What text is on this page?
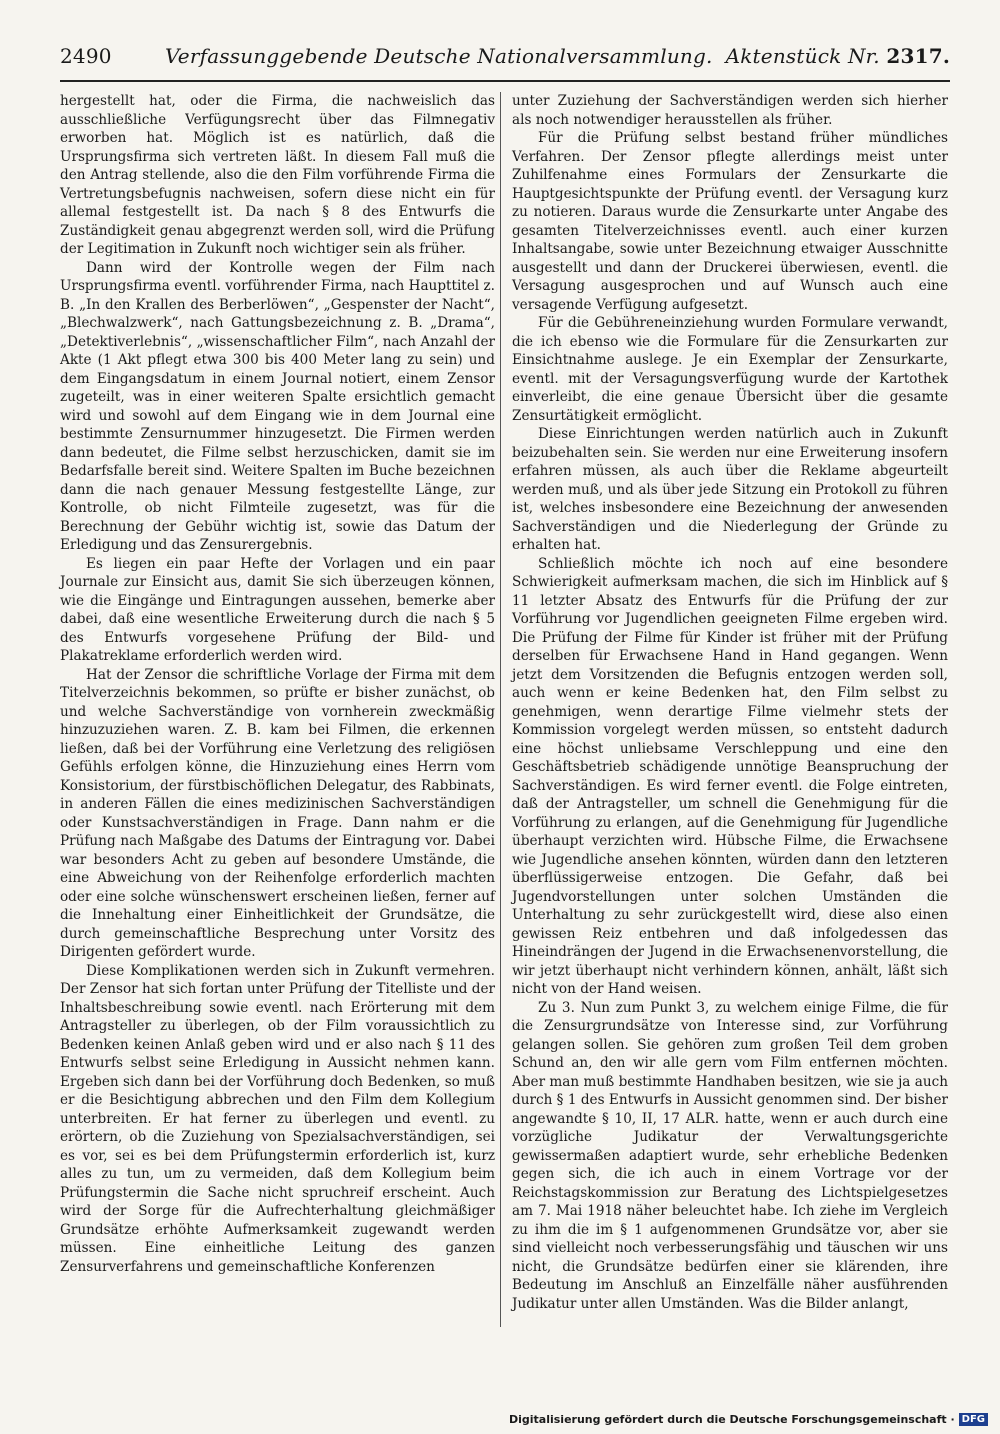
2490	Verfassunggebende Deutsche Nationalversammlung. Aktenstück Nr. 2317.

hergestellt hat, oder die Firma, die nachweislich das ausschließliche Verfügungsrecht über das Filmnegativ erworben hat. Möglich ist es natürlich, daß die Ursprungsfirma sich vertreten läßt. In diesem Fall muß die den Antrag stellende, also die den Film vorführende Firma die Vertretungsbefugnis nachweisen, sofern diese nicht ein für allemal festgestellt ist. Da nach § 8 des Entwurfs die Zuständigkeit genau abgegrenzt werden soll, wird die Prüfung der Legitimation in Zukunft noch wichtiger sein als früher.

Dann wird der Kontrolle wegen der Film nach Ursprungsfirma eventl. vorführender Firma, nach Haupttitel z. B. „In den Krallen des Berberlöwen“, „Gespenster der Nacht“, „Blechwalzwerk“, nach Gattungsbezeichnung z. B. „Drama“, „Detektiverlebnis“, „wissenschaftlicher Film“, nach Anzahl der Akte (1 Akt pflegt etwa 300 bis 400 Meter lang zu sein) und dem Eingangsdatum in einem Journal notiert, einem Zensor zugeteilt, was in einer weiteren Spalte ersichtlich gemacht wird und sowohl auf dem Eingang wie in dem Journal eine bestimmte Zensurnummer hinzugesetzt. Die Firmen werden dann bedeutet, die Filme selbst herzuschicken, damit sie im Bedarfsfalle bereit sind. Weitere Spalten im Buche bezeichnen dann die nach genauer Messung festgestellte Länge, zur Kontrolle, ob nicht Filmteile zugesetzt, was für die Berechnung der Gebühr wichtig ist, sowie das Datum der Erledigung und das Zensurergebnis.

Es liegen ein paar Hefte der Vorlagen und ein paar Journale zur Einsicht aus, damit Sie sich überzeugen können, wie die Eingänge und Eintragungen aussehen, bemerke aber dabei, daß eine wesentliche Erweiterung durch die nach § 5 des Entwurfs vorgesehene Prüfung der Bild- und Plakatreklame erforderlich werden wird.

Hat der Zensor die schriftliche Vorlage der Firma mit dem Titelverzeichnis bekommen, so prüfte er bisher zunächst, ob und welche Sachverständige von vornherein zweckmäßig hinzuzuziehen waren. Z. B. kam bei Filmen, die erkennen ließen, daß bei der Vorführung eine Verletzung des religiösen Gefühls erfolgen könne, die Hinzuziehung eines Herrn vom Konsistorium, der fürstbischöflichen Delegatur, des Rabbinats, in anderen Fällen die eines medizinischen Sachverständigen oder Kunstsachverständigen in Frage. Dann nahm er die Prüfung nach Maßgabe des Datums der Eintragung vor. Dabei war besonders Acht zu geben auf besondere Umstände, die eine Abweichung von der Reihenfolge erforderlich machten oder eine solche wünschenswert erscheinen ließen, ferner auf die Innehaltung einer Einheitlichkeit der Grundsätze, die durch gemeinschaftliche Besprechung unter Vorsitz des Dirigenten gefördert wurde.

Diese Komplikationen werden sich in Zukunft vermehren. Der Zensor hat sich fortan unter Prüfung der Titelliste und der Inhaltsbeschreibung sowie eventl. nach Erörterung mit dem Antragsteller zu überlegen, ob der Film voraussichtlich zu Bedenken keinen Anlaß geben wird und er also nach § 11 des Entwurfs selbst seine Erledigung in Aussicht nehmen kann. Ergeben sich dann bei der Vorführung doch Bedenken, so muß er die Besichtigung abbrechen und den Film dem Kollegium unterbreiten. Er hat ferner zu überlegen und eventl. zu erörtern, ob die Zuziehung von Spezialsachverständigen, sei es vor, sei es bei dem Prüfungstermin erforderlich ist, kurz alles zu tun, um zu vermeiden, daß dem Kollegium beim Prüfungstermin die Sache nicht spruchreif erscheint. Auch wird der Sorge für die Aufrechterhaltung gleichmäßiger Grundsätze erhöhte Aufmerksamkeit zugewandt werden müssen. Eine einheitliche Leitung des ganzen Zensurverfahrens und gemeinschaftliche Konferenzen

unter Zuziehung der Sachverständigen werden sich hierher als noch notwendiger herausstellen als früher.

Für die Prüfung selbst bestand früher mündliches Verfahren. Der Zensor pflegte allerdings meist unter Zuhilfenahme eines Formulars der Zensurkarte die Hauptgesichtspunkte der Prüfung eventl. der Versagung kurz zu notieren. Daraus wurde die Zensurkarte unter Angabe des gesamten Titelverzeichnisses eventl. auch einer kurzen Inhaltsangabe, sowie unter Bezeichnung etwaiger Ausschnitte ausgestellt und dann der Druckerei überwiesen, eventl. die Versagung ausgesprochen und auf Wunsch auch eine versagende Verfügung aufgesetzt.

Für die Gebühreneinziehung wurden Formulare verwandt, die ich ebenso wie die Formulare für die Zensurkarten zur Einsichtnahme auslege. Je ein Exemplar der Zensurkarte, eventl. mit der Versagungsverfügung wurde der Kartothek einverleibt, die eine genaue Übersicht über die gesamte Zensurtätigkeit ermöglicht.

Diese Einrichtungen werden natürlich auch in Zukunft beizubehalten sein. Sie werden nur eine Erweiterung insofern erfahren müssen, als auch über die Reklame abgeurteilt werden muß, und als über jede Sitzung ein Protokoll zu führen ist, welches insbesondere eine Bezeichnung der anwesenden Sachverständigen und die Niederlegung der Gründe zu erhalten hat.

Schließlich möchte ich noch auf eine besondere Schwierigkeit aufmerksam machen, die sich im Hinblick auf § 11 letzter Absatz des Entwurfs für die Prüfung der zur Vorführung vor Jugendlichen geeigneten Filme ergeben wird. Die Prüfung der Filme für Kinder ist früher mit der Prüfung derselben für Erwachsene Hand in Hand gegangen. Wenn jetzt dem Vorsitzenden die Befugnis entzogen werden soll, auch wenn er keine Bedenken hat, den Film selbst zu genehmigen, wenn derartige Filme vielmehr stets der Kommission vorgelegt werden müssen, so entsteht dadurch eine höchst unliebsame Verschleppung und eine den Geschäftsbetrieb schädigende unnötige Beanspruchung der Sachverständigen. Es wird ferner eventl. die Folge eintreten, daß der Antragsteller, um schnell die Genehmigung für die Vorführung zu erlangen, auf die Genehmigung für Jugendliche überhaupt verzichten wird. Hübsche Filme, die Erwachsene wie Jugendliche ansehen könnten, würden dann den letzteren überflüssigerweise entzogen. Die Gefahr, daß bei Jugendvorstellungen unter solchen Umständen die Unterhaltung zu sehr zurückgestellt wird, diese also einen gewissen Reiz entbehren und daß infolgedessen das Hineindrängen der Jugend in die Erwachsenenvorstellung, die wir jetzt überhaupt nicht verhindern können, anhält, läßt sich nicht von der Hand weisen.

Zu 3. Nun zum Punkt 3, zu welchem einige Filme, die für die Zensurgrundsätze von Interesse sind, zur Vorführung gelangen sollen. Sie gehören zum großen Teil dem groben Schund an, den wir alle gern vom Film entfernen möchten. Aber man muß bestimmte Handhaben besitzen, wie sie ja auch durch § 1 des Entwurfs in Aussicht genommen sind. Der bisher angewandte § 10, II, 17 ALR. hatte, wenn er auch durch eine vorzügliche Judikatur der Verwaltungsgerichte gewissermaßen adaptiert wurde, sehr erhebliche Bedenken gegen sich, die ich auch in einem Vortrage vor der Reichstagskommission zur Beratung des Lichtspielgesetzes am 7. Mai 1918 näher beleuchtet habe. Ich ziehe im Vergleich zu ihm die im § 1 aufgenommenen Grundsätze vor, aber sie sind vielleicht noch verbesserungsfähig und täuschen wir uns nicht, die Grundsätze bedürfen einer sie klärenden, ihre Bedeutung im Anschluß an Einzelfälle näher ausführenden Judikatur unter allen Umständen. Was die Bilder anlangt,

Digitalisierung gefördert durch die Deutsche Forschungsgemeinschaft · DFG
